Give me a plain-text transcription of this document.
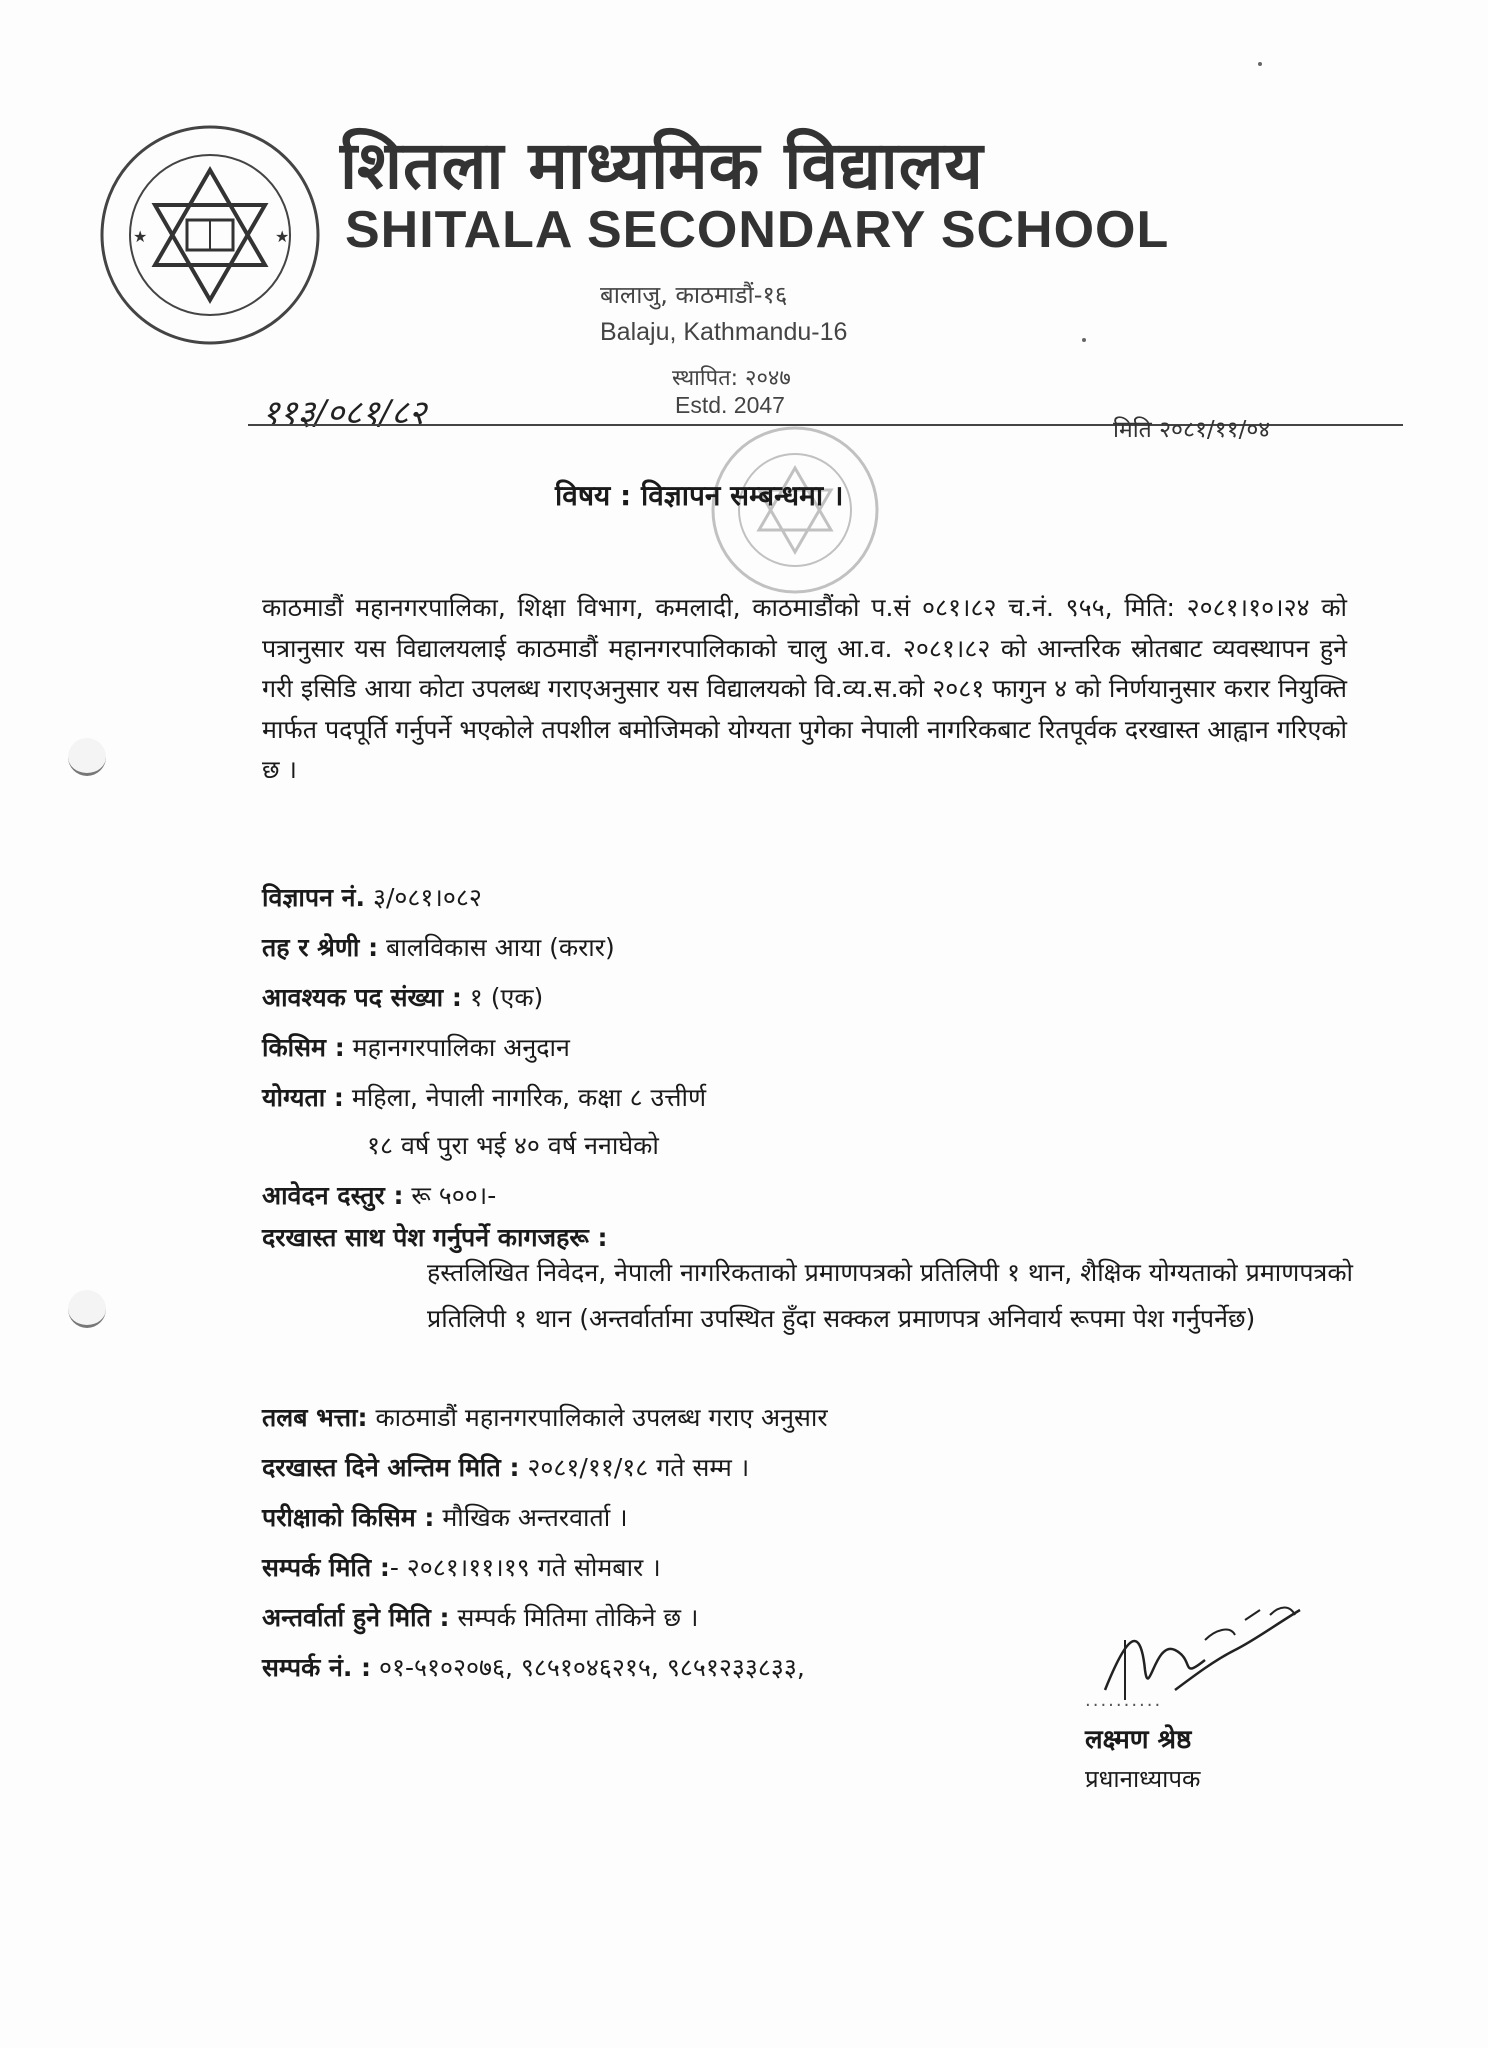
★	★
शितला माध्यमिक विद्यालय
SHITALA SECONDARY SCHOOL
बालाजु, काठमाडौं-१६
Balaju, Kathmandu-16
स्थापित: २०४७
Estd. 2047
११३/०८१/८२	मिति २०८१/११/०४
विषय : विज्ञापन सम्बन्धमा ।
काठमाडौं महानगरपालिका, शिक्षा विभाग, कमलादी, काठमाडौंको प.सं ०८१।८२ च.नं. ९५५, मिति: २०८१।१०।२४ को पत्रानुसार यस विद्यालयलाई काठमाडौं महानगरपालिकाको चालु आ.व. २०८१।८२ को आन्तरिक स्रोतबाट व्यवस्थापन हुने गरी इसिडि आया कोटा उपलब्ध गराएअनुसार यस विद्यालयको वि.व्य.स.को २०८१ फागुन ४ को निर्णयानुसार करार नियुक्ति मार्फत पदपूर्ति गर्नुपर्ने भएकोले तपशील बमोजिमको योग्यता पुगेका नेपाली नागरिकबाट रितपूर्वक दरखास्त आह्वान गरिएको छ ।
विज्ञापन नं. ३/०८१।०८२
तह र श्रेणी : बालविकास आया (करार)
आवश्यक पद संख्या : १ (एक)
किसिम : महानगरपालिका अनुदान
योग्यता : महिला, नेपाली नागरिक, कक्षा ८ उत्तीर्ण
१८ वर्ष पुरा भई ४० वर्ष ननाघेको
आवेदन दस्तुर : रू ५००।-
दरखास्त साथ पेश गर्नुपर्ने कागजहरू :
हस्तलिखित निवेदन, नेपाली नागरिकताको प्रमाणपत्रको प्रतिलिपी १ थान, शैक्षिक योग्यताको प्रमाणपत्रको प्रतिलिपी १ थान (अन्तर्वार्तामा उपस्थित हुँदा सक्कल प्रमाणपत्र अनिवार्य रूपमा पेश गर्नुपर्नेछ)
तलब भत्ता: काठमाडौं महानगरपालिकाले उपलब्ध गराए अनुसार
दरखास्त दिने अन्तिम मिति : २०८१/११/१८ गते सम्म ।
परीक्षाको किसिम : मौखिक अन्तरवार्ता ।
सम्पर्क मिति :- २०८१।११।१९ गते सोमबार ।
अन्तर्वार्ता हुने मिति : सम्पर्क मितिमा तोकिने छ ।
सम्पर्क नं. : ०१-५१०२०७६, ९८५१०४६२१५, ९८५१२३३८३३,
..........
लक्ष्मण श्रेष्ठ
प्रधानाध्यापक
